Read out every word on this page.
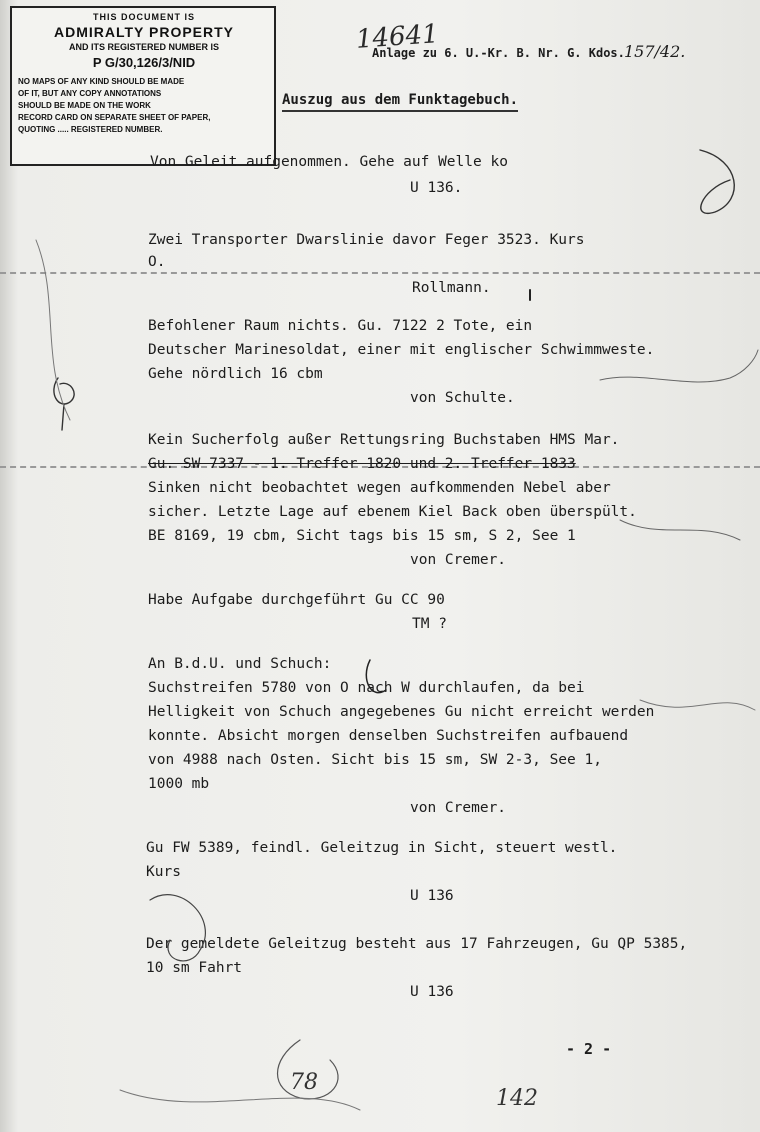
THIS DOCUMENT IS
ADMIRALTY PROPERTY
AND ITS REGISTERED NUMBER IS
P G/30,126/3/NID
NO MAPS OF ANY KIND SHOULD BE MADE
OF IT, BUT ANY COPY ANNOTATIONS
SHOULD BE MADE ON THE WORK
RECORD CARD ON SEPARATE SHEET OF PAPER,
QUOTING ..... REGISTERED NUMBER.
14641
Anlage zu 6. U.-Kr. B. Nr. G. Kdos. 157/42.
Auszug aus dem Funktagebuch.
Von Geleit aufgenommen. Gehe auf Welle ko
U 136.
Zwei Transporter Dwarslinie davor Feger 3523. Kurs
O.
Rollmann.
Befohlener Raum nichts. Gu. 7122 2 Tote, ein
Deutscher Marinesoldat, einer mit englischer Schwimmweste.
Gehe nördlich 16 cbm
von Schulte.
Kein Sucherfolg außer Rettungsring Buchstaben HMS Mar.
Gu. SW 7337 - 1. Treffer 1820 und 2. Treffer 1833
Sinken nicht beobachtet wegen aufkommenden Nebel aber
sicher. Letzte Lage auf ebenem Kiel Back oben überspült.
BE 8169, 19 cbm, Sicht tags bis 15 sm, S 2, See 1
von Cremer.
Habe Aufgabe durchgeführt Gu CC 90
TM ?
An B.d.U. und Schuch:
Suchstreifen 5780 von O nach W durchlaufen, da bei
Helligkeit von Schuch angegebenes Gu nicht erreicht werden
konnte. Absicht morgen denselben Suchstreifen aufbauend
von 4988 nach Osten. Sicht bis 15 sm, SW 2-3, See 1,
1000 mb
von Cremer.
Gu FW 5389, feindl. Geleitzug in Sicht, steuert westl.
Kurs
U 136
Der gemeldete Geleitzug besteht aus 17 Fahrzeugen, Gu QP 5385,
10 sm Fahrt
U 136
- 2 -
78
142
